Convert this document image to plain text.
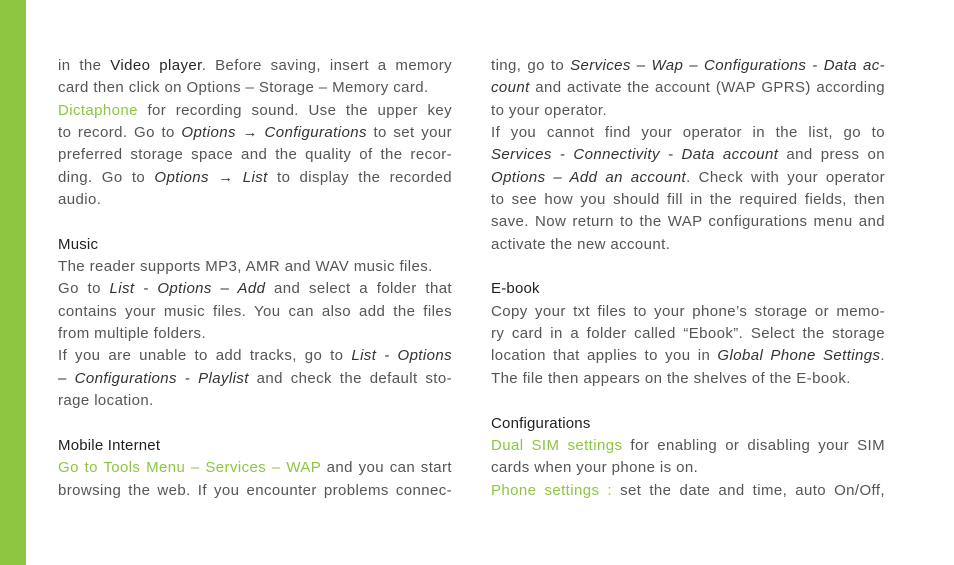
in the Video player. Before saving, insert a memory
card then click on Options – Storage – Memory card.
Dictaphone for recording sound. Use the upper key
to record. Go to Options → Configurations to set your
preferred storage space and the quality of the recor-
ding. Go to Options → List to display the recorded
audio.
Music
The reader supports MP3, AMR and WAV music files.
Go to List - Options – Add and select a folder that
contains your music files. You can also add the files
from multiple folders.
If you are unable to add tracks, go to List - Options
– Configurations - Playlist and check the default sto-
rage location.
Mobile Internet
Go to Tools Menu – Services – WAP and you can start
browsing the web. If you encounter problems connec-
ting, go to Services – Wap – Configurations - Data ac-
count and activate the account (WAP GPRS) according
to your operator.
If you cannot find your operator in the list, go to
Services - Connectivity - Data account and press on
Options – Add an account. Check with your operator
to see how you should fill in the required fields, then
save. Now return to the WAP configurations menu and
activate the new account.
E-book
Copy your txt files to your phone’s storage or memo-
ry card in a folder called “Ebook”. Select the storage
location that applies to you in Global Phone Settings.
The file then appears on the shelves of the E-book.
Configurations
Dual SIM settings for enabling or disabling your SIM
cards when your phone is on.
Phone settings : set the date and time, auto On/Off,
